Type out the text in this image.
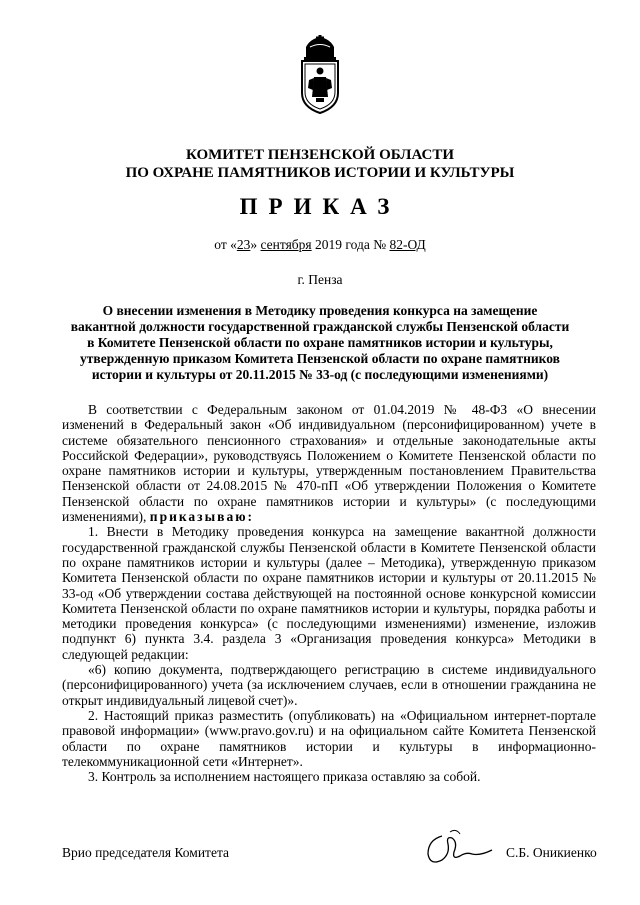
КОМИТЕТ ПЕНЗЕНСКОЙ ОБЛАСТИ
ПО ОХРАНЕ ПАМЯТНИКОВ ИСТОРИИ И КУЛЬТУРЫ
ПРИКАЗ
от «23» сентября 2019 года № 82-ОД
г. Пенза
О внесении изменения в Методику проведения конкурса на замещение вакантной должности государственной гражданской службы Пензенской области в Комитете Пензенской области по охране памятников истории и культуры, утвержденную приказом Комитета Пензенской области по охране памятников истории и культуры от 20.11.2015 № 33-од (с последующими изменениями)

В соответствии с Федеральным законом от 01.04.2019 № 48-ФЗ «О внесении изменений в Федеральный закон «Об индивидуальном (персонифицированном) учете в системе обязательного пенсионного страхования» и отдельные законодательные акты Российской Федерации», руководствуясь Положением о Комитете Пензенской области по охране памятников истории и культуры, утвержденным постановлением Правительства Пензенской области от 24.08.2015 № 470-пП «Об утверждении Положения о Комитете Пензенской области по охране памятников истории и культуры» (с последующими изменениями), приказываю:

1. Внести в Методику проведения конкурса на замещение вакантной должности государственной гражданской службы Пензенской области в Комитете Пензенской области по охране памятников истории и культуры (далее – Методика), утвержденную приказом Комитета Пензенской области по охране памятников истории и культуры от 20.11.2015 № 33-од «Об утверждении состава действующей на постоянной основе конкурсной комиссии Комитета Пензенской области по охране памятников истории и культуры, порядка работы и методики проведения конкурса» (с последующими изменениями) изменение, изложив подпункт 6) пункта 3.4. раздела 3 «Организация проведения конкурса» Методики в следующей редакции:

«6) копию документа, подтверждающего регистрацию в системе индивидуального (персонифицированного) учета (за исключением случаев, если в отношении гражданина не открыт индивидуальный лицевой счет)».

2. Настоящий приказ разместить (опубликовать) на «Официальном интернет-портале правовой информации» (www.pravo.gov.ru) и на официальном сайте Комитета Пензенской области по охране памятников истории и культуры в информационно-телекоммуникационной сети «Интернет».

3. Контроль за исполнением настоящего приказа оставляю за собой.

Врио председателя Комитета	С.Б. Оникиенко
